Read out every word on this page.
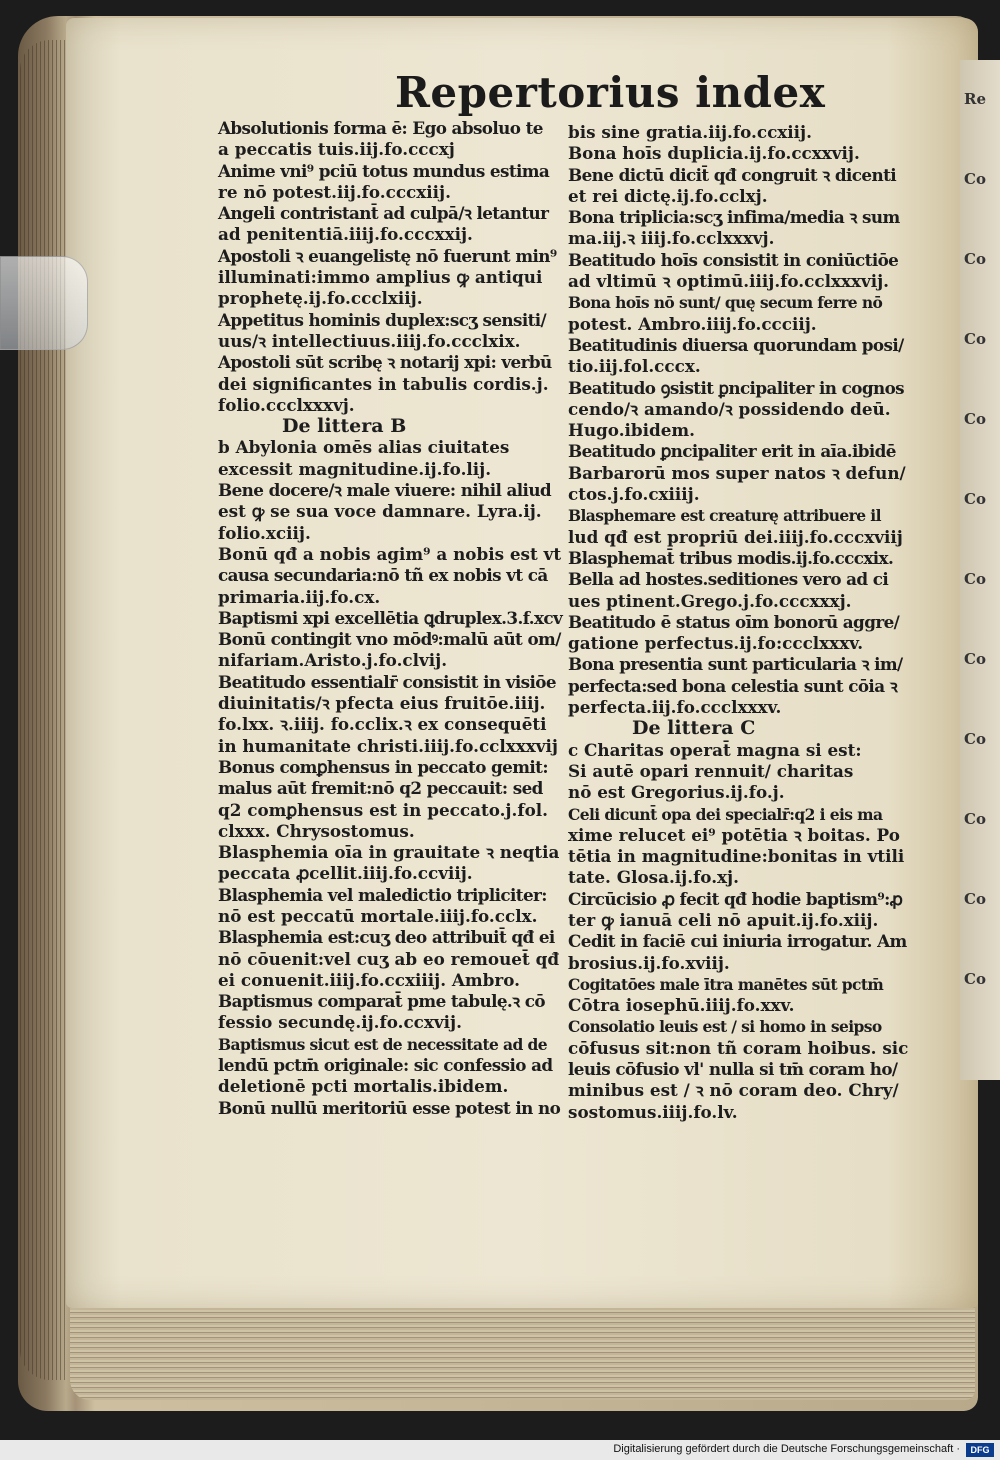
Re
Co
Co
Co
Co
Co
Co
Co
Co
Co
Co
Co
Repertorius index
Absolutionis forma ē: Ego absoluo te
a peccatis tuis.iij.fo.cccxj
Anime vni⁹ pciū totus mundus estima
re nō potest.iij.fo.cccxiij.
Angeli contristant̄ ad culpā/ꝛ letantur
ad penitentiā.iiij.fo.cccxxij.
Apostoli ꝛ euangelistę nō fuerunt min⁹
illuminati:immo amplius ꝙ antiqui
prophetę.ij.fo.ccclxiij.
Appetitus hominis duplex:scʒ sensiti/
uus/ꝛ intellectiuus.iiij.fo.ccclxix.
Apostoli sūt scribę ꝛ notarij xpi: verbū
dei significantes in tabulis cordis.j.
folio.ccclxxxvj.
De littera B
b Abylonia omēs alias ciuitates
excessit magnitudine.ij.fo.lij.
Bene docere/ꝛ male viuere: nihil aliud
est ꝙ se sua voce damnare. Lyra.ij.
folio.xciij.
Bonū qđ a nobis agim⁹ a nobis est vt
causa secundaria:nō tñ ex nobis vt cā
primaria.iij.fo.cx.
Baptismi xpi excellētia ꝗdruplex.3.f.xcv
Bonū contingit vno mōdꝰ:malū aūt om/
nifariam.Aristo.j.fo.clvij.
Beatitudo essentialr̄ consistit in visiōe
diuinitatis/ꝛ pfecta eius fruitōe.iiij.
fo.lxx. ꝛ.iiij. fo.cclix.ꝛ ex consequēti
in humanitate christi.iiij.fo.cclxxxvij
Bonus comꝑhensus in peccato gemit:
malus aūt fremit:nō q2 peccauit: sed
q2 comꝑhensus est in peccato.j.fol.
clxxx. Chrysostomus.
Blasphemia oīa in grauitate ꝛ neqtia
peccata ꝓcellit.iiij.fo.ccviij.
Blasphemia vel maledictio tripliciter:
nō est peccatū mortale.iiij.fo.cclx.
Blasphemia est:cuʒ deo attribuit̄ qđ ei
nō cōuenit:vel cuʒ ab eo remouet̄ qđ
ei conuenit.iiij.fo.ccxiiij. Ambro.
Baptismus comparat̄ pme tabulę.ꝛ cō
fessio secundę.ij.fo.ccxvij.
Baptismus sicut est de necessitate ad de
lendū pctm̄ originale: sic confessio ad
deletionē pcti mortalis.ibidem.
Bonū nullū meritoriū esse potest in no
bis sine gratia.iij.fo.ccxiij.
Bona hoīs duplicia.ij.fo.ccxxvij.
Bene dictū dicit̄ qđ congruit ꝛ dicenti
et rei dictę.ij.fo.cclxj.
Bona triplicia:scʒ infima/media ꝛ sum
ma.iij.ꝛ iiij.fo.cclxxxvj.
Beatitudo hoīs consistit in coniūctiōe
ad vltimū ꝛ optimū.iiij.fo.cclxxxvij.
Bona hoīs nō sunt/ quę secum ferre nō
potest. Ambro.iiij.fo.ccciij.
Beatitudinis diuersa quorundam posi/
tio.iij.fol.cccx.
Beatitudo ꝯsistit ꝑncipaliter in cognos
cendo/ꝛ amando/ꝛ possidendo deū.
Hugo.ibidem.
Beatitudo ꝑncipaliter erit in aīa.ibidē
Barbarorū mos super natos ꝛ defun/
ctos.j.fo.cxiiij.
Blasphemare est creaturę attribuere il
lud qđ est propriū dei.iiij.fo.cccxviij
Blasphemat̄ tribus modis.ij.fo.cccxix.
Bella ad hostes.seditiones vero ad ci
ues ptinent.Grego.j.fo.cccxxxj.
Beatitudo ē status oīm bonorū aggre/
gatione perfectus.ij.fo:ccclxxxv.
Bona presentia sunt particularia ꝛ im/
perfecta:sed bona celestia sunt cōia ꝛ
perfecta.iij.fo.ccclxxxv.
De littera C
c Charitas operat̄ magna si est:
Si autē opari rennuit/ charitas
nō est Gregorius.ij.fo.j.
Celi dicunt̄ opa dei specialr̄:q2 i eis ma
xime relucet ei⁹ potētia ꝛ boitas. Po
tētia in magnitudine:bonitas in vtili
tate. Glosa.ij.fo.xj.
Circūcisio ꝓ fecit qđ hodie baptism⁹:ꝓ
ter ꝙ ianuā celi nō apuit.ij.fo.xiij.
Cedit in faciē cui iniuria irrogatur. Am
brosius.ij.fo.xviij.
Cogitatōes male ītra manētes sūt pctm̄
Cōtra iosephū.iiij.fo.xxv.
Consolatio leuis est / si homo in seipso
cōfusus sit:non tñ coram hoibus. sic
leuis cōfusio vl' nulla si tm̄ coram ho/
minibus est / ꝛ nō coram deo. Chry/
sostomus.iiij.fo.lv.
Digitalisierung gefördert durch die Deutsche Forschungsgemeinschaft ·	DFG
